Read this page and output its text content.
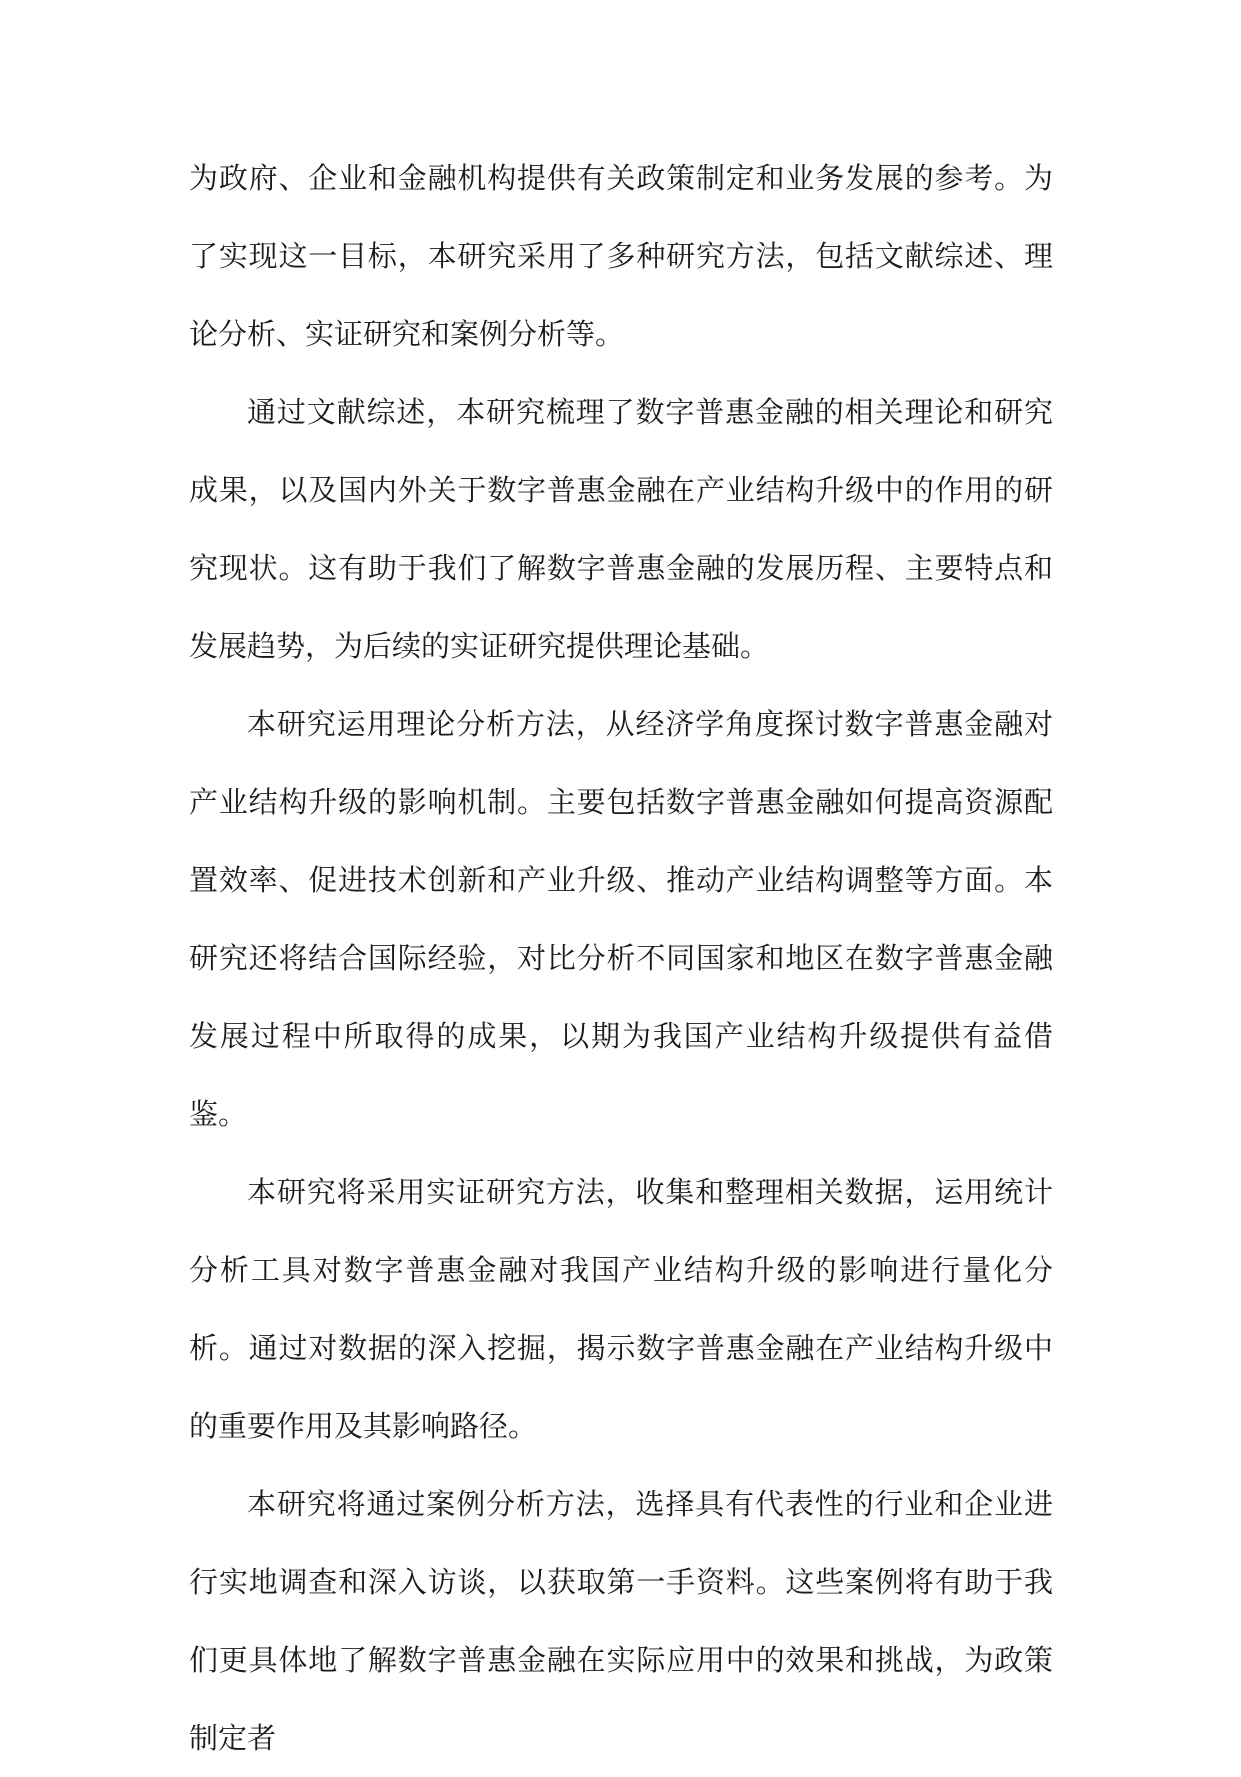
为政府、企业和金融机构提供有关政策制定和业务发展的参考。为了实现这一目标，本研究采用了多种研究方法，包括文献综述、理论分析、实证研究和案例分析等。

通过文献综述，本研究梳理了数字普惠金融的相关理论和研究成果，以及国内外关于数字普惠金融在产业结构升级中的作用的研究现状。这有助于我们了解数字普惠金融的发展历程、主要特点和发展趋势，为后续的实证研究提供理论基础。

本研究运用理论分析方法，从经济学角度探讨数字普惠金融对产业结构升级的影响机制。主要包括数字普惠金融如何提高资源配置效率、促进技术创新和产业升级、推动产业结构调整等方面。本研究还将结合国际经验，对比分析不同国家和地区在数字普惠金融发展过程中所取得的成果，以期为我国产业结构升级提供有益借鉴。

本研究将采用实证研究方法，收集和整理相关数据，运用统计分析工具对数字普惠金融对我国产业结构升级的影响进行量化分析。通过对数据的深入挖掘，揭示数字普惠金融在产业结构升级中的重要作用及其影响路径。

本研究将通过案例分析方法，选择具有代表性的行业和企业进行实地调查和深入访谈，以获取第一手资料。这些案例将有助于我们更具体地了解数字普惠金融在实际应用中的效果和挑战，为政策制定者
